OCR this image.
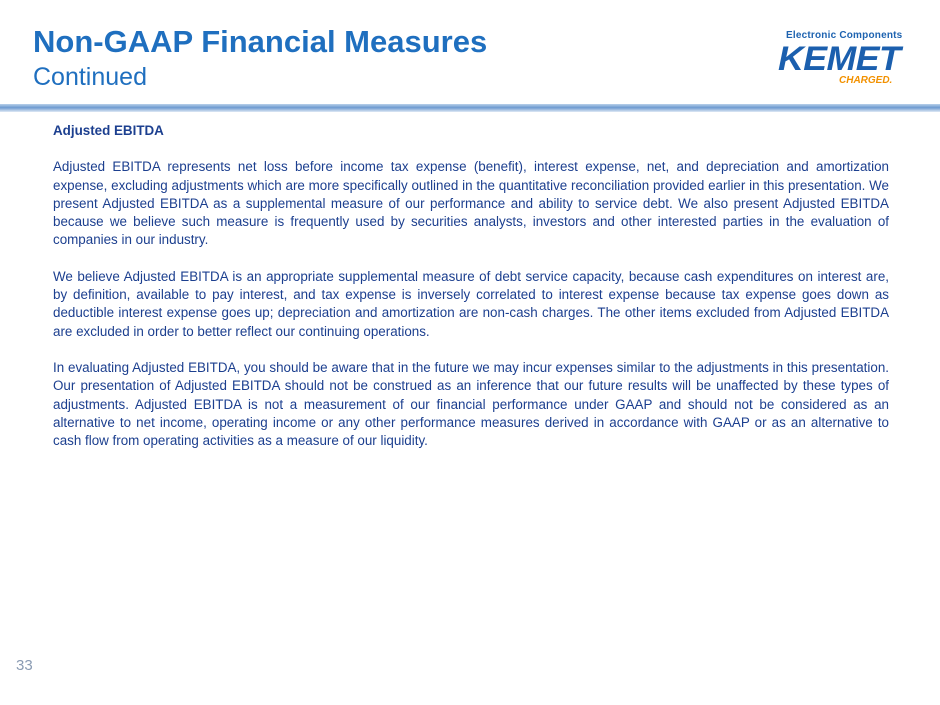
Non-GAAP Financial Measures
Continued
Electronic Components
KEMET
CHARGED.
Adjusted EBITDA

Adjusted EBITDA represents net loss before income tax expense (benefit), interest expense, net, and depreciation and amortization expense, excluding adjustments which are more specifically outlined in the quantitative reconciliation provided earlier in this presentation. We present Adjusted EBITDA as a supplemental measure of our performance and ability to service debt. We also present Adjusted EBITDA because we believe such measure is frequently used by securities analysts, investors and other interested parties in the evaluation of companies in our industry.

We believe Adjusted EBITDA is an appropriate supplemental measure of debt service capacity, because cash expenditures on interest are, by definition, available to pay interest, and tax expense is inversely correlated to interest expense because tax expense goes down as deductible interest expense goes up; depreciation and amortization are non-cash charges. The other items excluded from Adjusted EBITDA are excluded in order to better reflect our continuing operations.

In evaluating Adjusted EBITDA, you should be aware that in the future we may incur expenses similar to the adjustments in this presentation. Our presentation of Adjusted EBITDA should not be construed as an inference that our future results will be unaffected by these types of adjustments. Adjusted EBITDA is not a measurement of our financial performance under GAAP and should not be considered as an alternative to net income, operating income or any other performance measures derived in accordance with GAAP or as an alternative to cash flow from operating activities as a measure of our liquidity.

33
